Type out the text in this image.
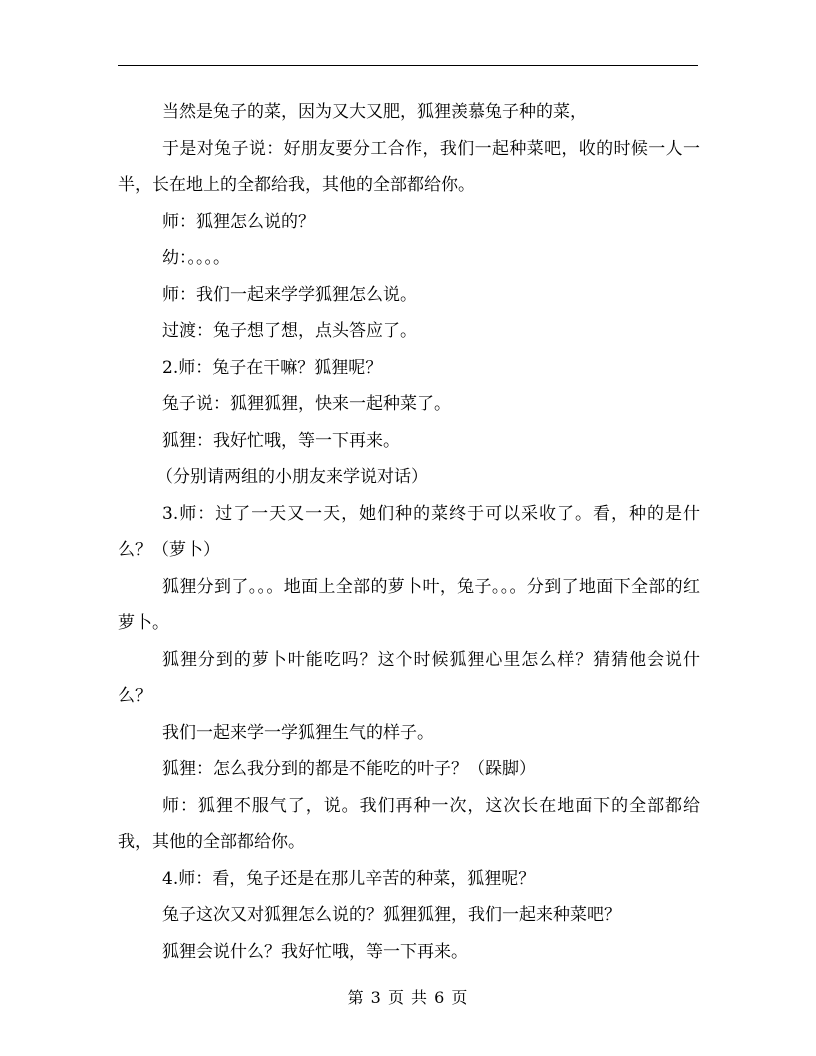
当然是兔子的菜，因为又大又肥，狐狸羡慕兔子种的菜，

于是对兔子说：好朋友要分工合作，我们一起种菜吧，收的时候一人一半，长在地上的全都给我，其他的全部都给你。

师：狐狸怎么说的？

幼：。。。。

师：我们一起来学学狐狸怎么说。

过渡：兔子想了想，点头答应了。

2.师：兔子在干嘛？狐狸呢？

兔子说：狐狸狐狸，快来一起种菜了。

狐狸：我好忙哦，等一下再来。

（分别请两组的小朋友来学说对话）

3.师：过了一天又一天，她们种的菜终于可以采收了。看，种的是什么？（萝卜）

狐狸分到了。。。地面上全部的萝卜叶，兔子。。。分到了地面下全部的红萝卜。

狐狸分到的萝卜叶能吃吗？这个时候狐狸心里怎么样？猜猜他会说什么？

我们一起来学一学狐狸生气的样子。

狐狸：怎么我分到的都是不能吃的叶子？（跺脚）

师：狐狸不服气了，说。我们再种一次，这次长在地面下的全部都给我，其他的全部都给你。

4.师：看，兔子还是在那儿辛苦的种菜，狐狸呢？

兔子这次又对狐狸怎么说的？狐狸狐狸，我们一起来种菜吧？

狐狸会说什么？我好忙哦，等一下再来。

第 3 页 共 6 页
